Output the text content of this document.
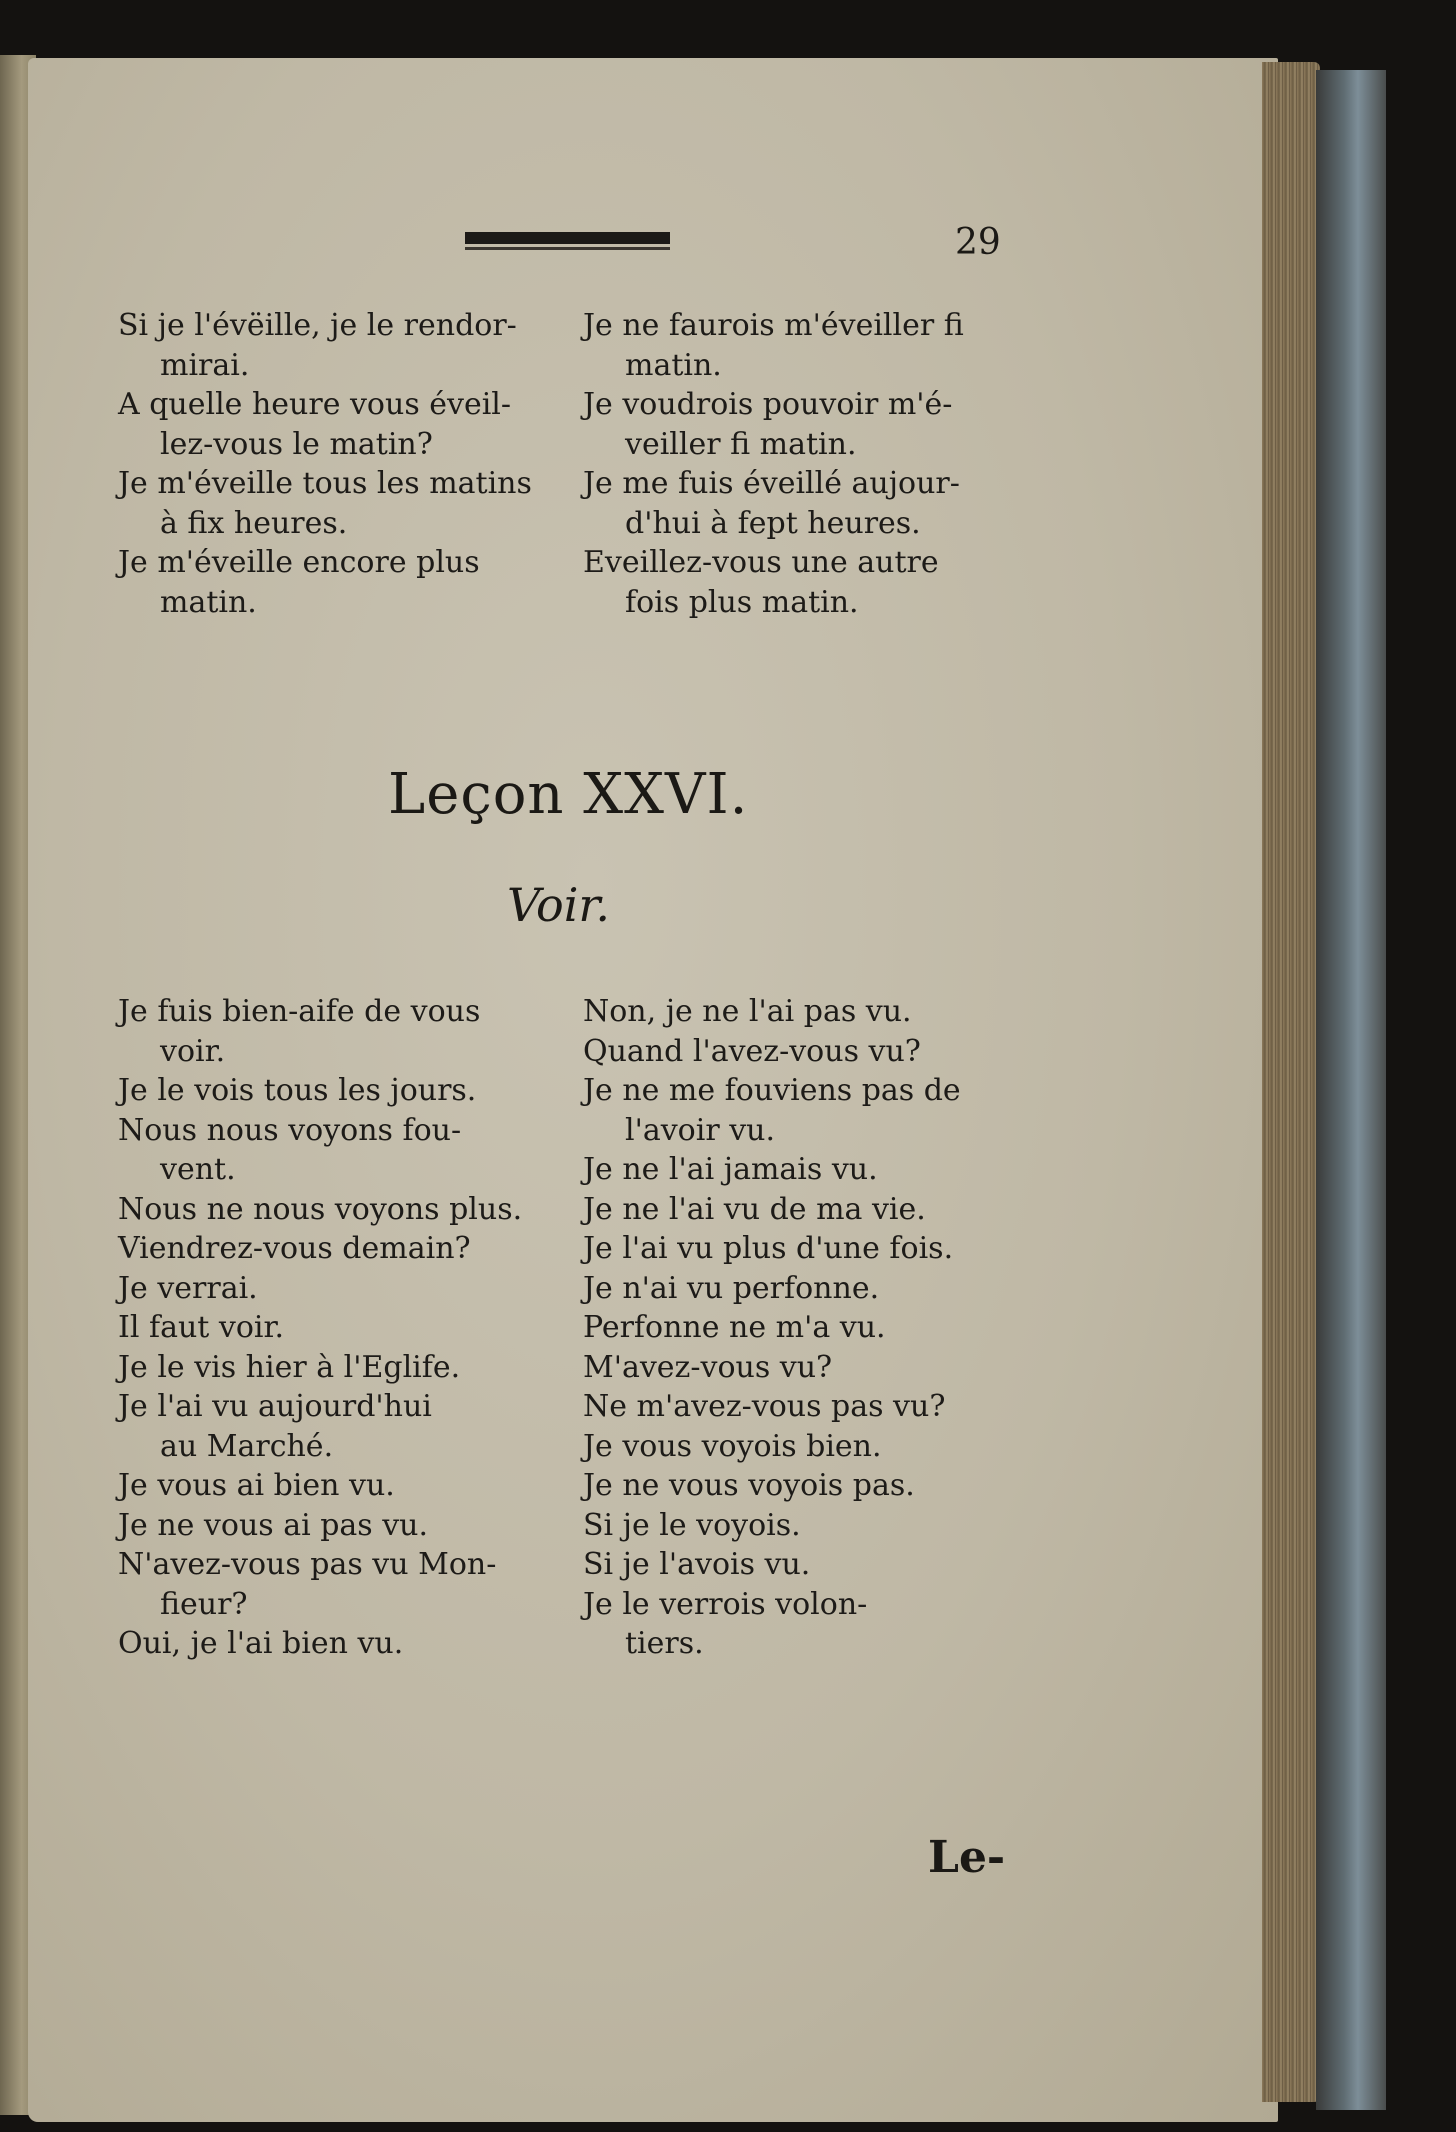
29

Si je l'évëille, je le rendor-
mirai.

A quelle heure vous éveil-
lez-vous le matin?

Je m'éveille tous les matins
à fix heures.

Je m'éveille encore plus
matin.

Je ne faurois m'éveiller fi
matin.

Je voudrois pouvoir m'é-
veiller fi matin.

Je me fuis éveillé aujour-
d'hui à fept heures.

Eveillez-vous une autre
fois plus matin.

Leçon XXVI.
Voir.

Je fuis bien-aife de vous
voir.

Je le vois tous les jours.

Nous nous voyons fou-
vent.

Nous ne nous voyons plus.

Viendrez-vous demain?

Je verrai.

Il faut voir.

Je le vis hier à l'Eglife.

Je l'ai vu aujourd'hui
au Marché.

Je vous ai bien vu.

Je ne vous ai pas vu.

N'avez-vous pas vu Mon-
fieur?

Oui, je l'ai bien vu.

Non, je ne l'ai pas vu.

Quand l'avez-vous vu?

Je ne me fouviens pas de
l'avoir vu.

Je ne l'ai jamais vu.

Je ne l'ai vu de ma vie.

Je l'ai vu plus d'une fois.

Je n'ai vu perfonne.

Perfonne ne m'a vu.

M'avez-vous vu?

Ne m'avez-vous pas vu?

Je vous voyois bien.

Je ne vous voyois pas.

Si je le voyois.

Si je l'avois vu.

Je le verrois volon-
tiers.

Le-
